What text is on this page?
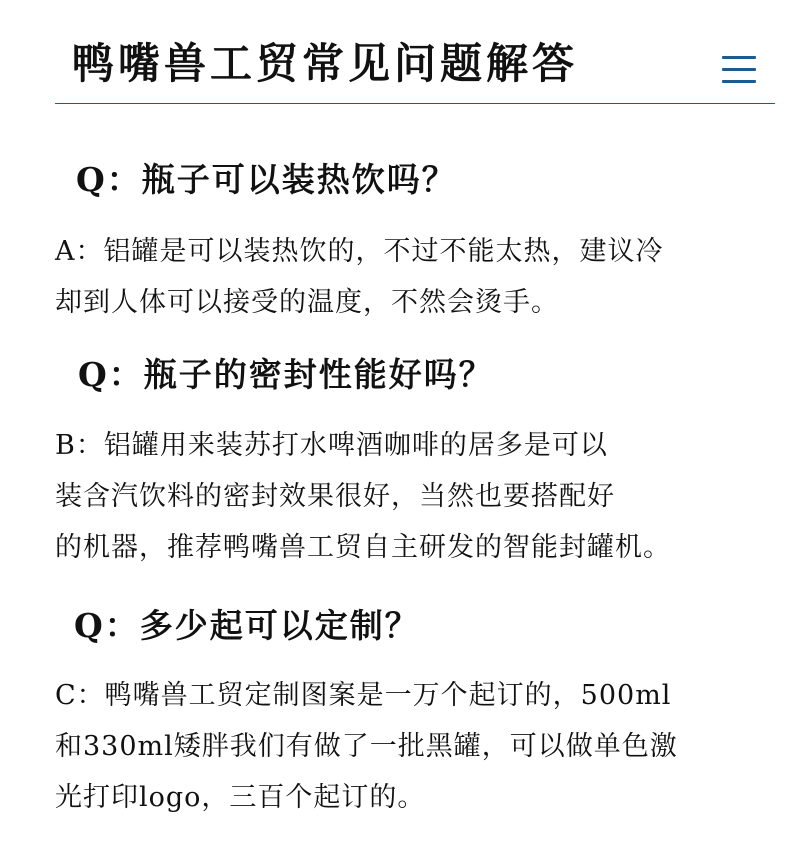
鸭嘴兽工贸常见问题解答
Q：瓶子可以装热饮吗？
A：铝罐是可以装热饮的，不过不能太热，建议冷
却到人体可以接受的温度，不然会烫手。
Q：瓶子的密封性能好吗？
B：铝罐用来装苏打水啤酒咖啡的居多是可以
装含汽饮料的密封效果很好，当然也要搭配好
的机器，推荐鸭嘴兽工贸自主研发的智能封罐机。
Q：多少起可以定制？
C：鸭嘴兽工贸定制图案是一万个起订的，500ml
和330ml矮胖我们有做了一批黑罐，可以做单色激
光打印logo，三百个起订的。
